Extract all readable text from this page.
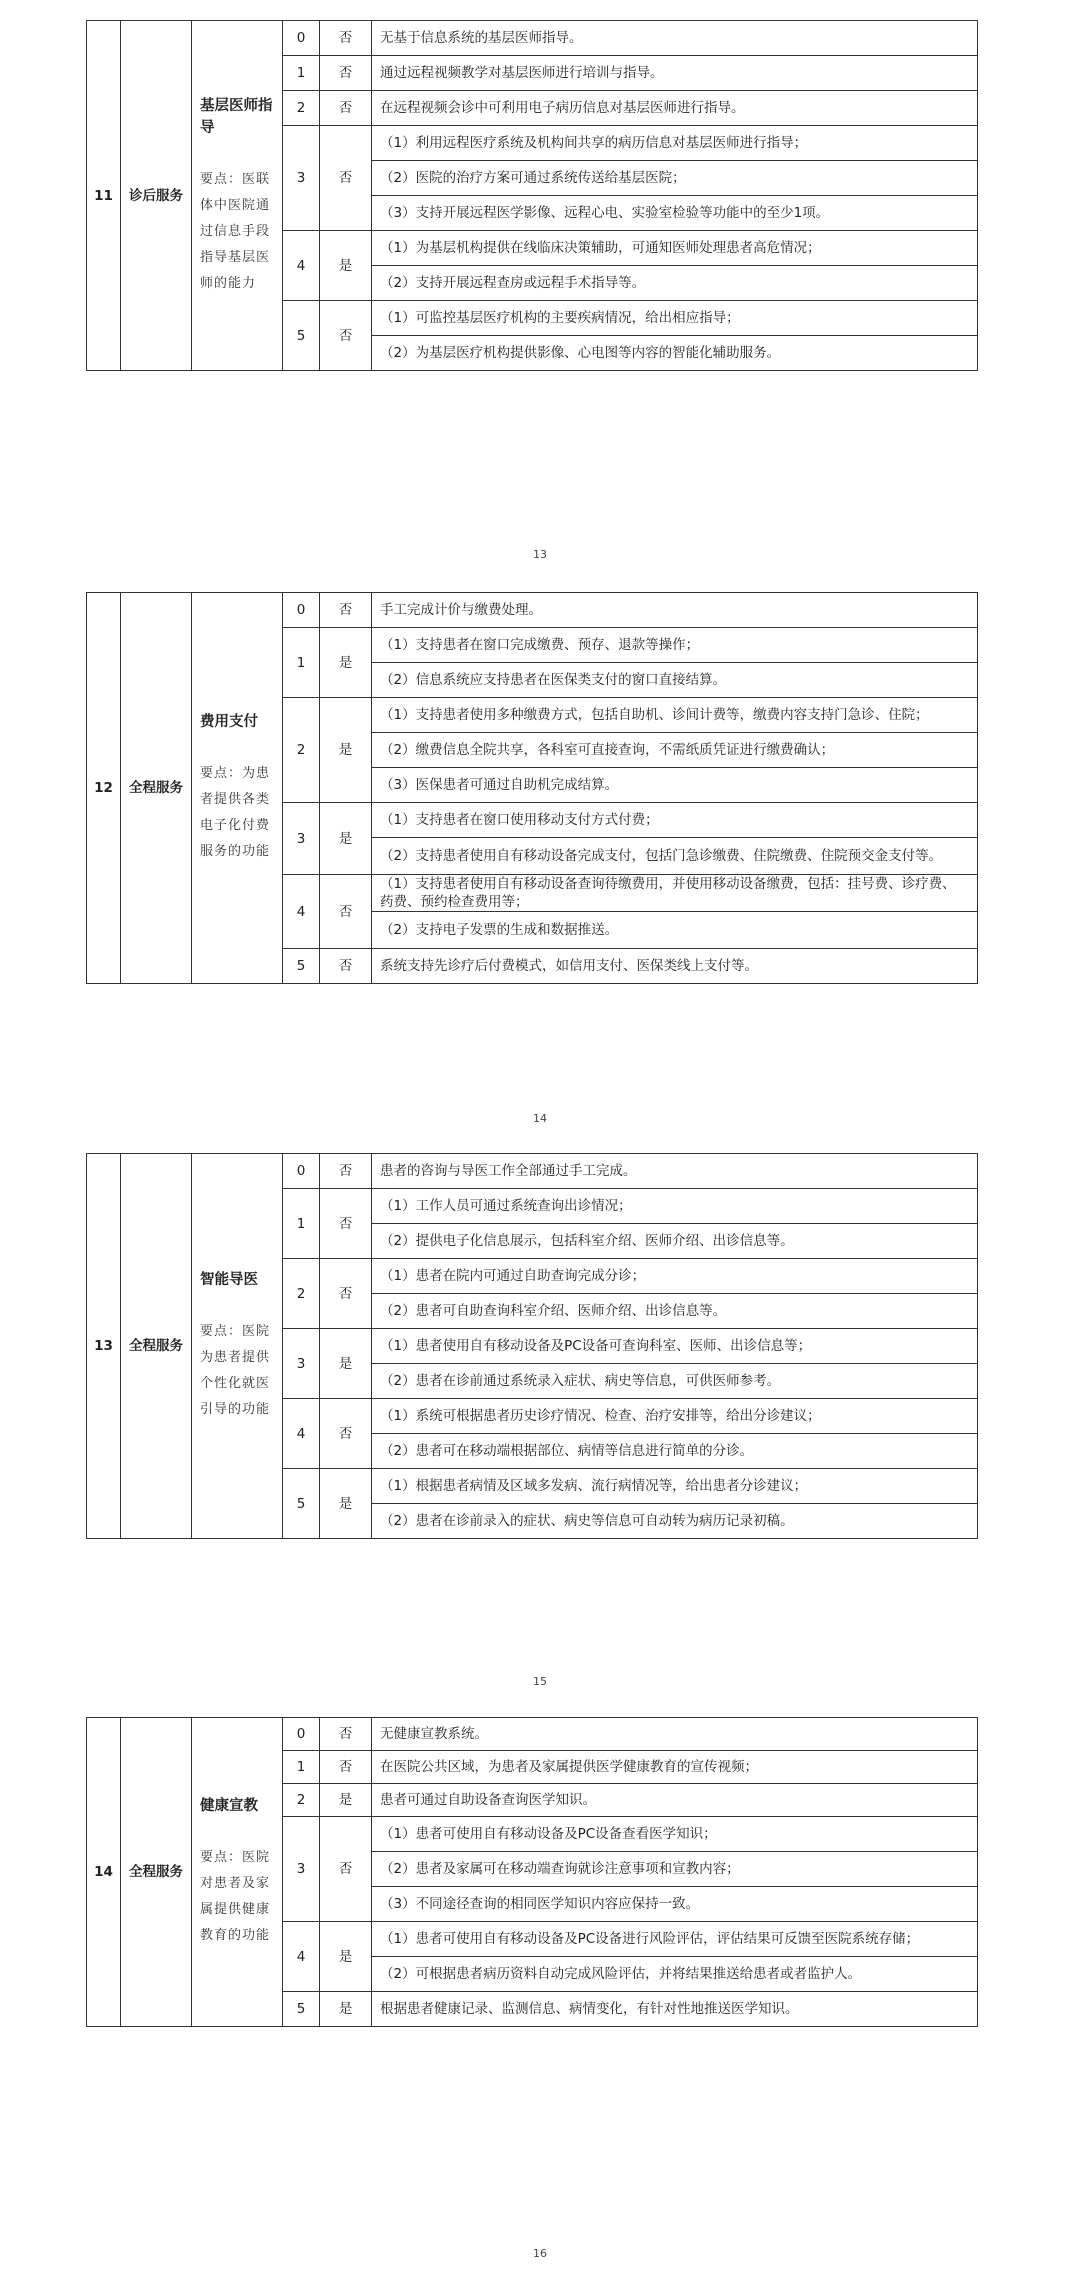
11	诊后服务	基层医师指导
要点：医联体中医院通过信息手段指导基层医师的能力	0	否	无基于信息系统的基层医师指导。
			1	否	通过远程视频教学对基层医师进行培训与指导。
			2	否	在远程视频会诊中可利用电子病历信息对基层医师进行指导。
			3	否	（1）利用远程医疗系统及机构间共享的病历信息对基层医师进行指导；
					（2）医院的治疗方案可通过系统传送给基层医院；
					（3）支持开展远程医学影像、远程心电、实验室检验等功能中的至少1项。
			4	是	（1）为基层机构提供在线临床决策辅助，可通知医师处理患者高危情况；
					（2）支持开展远程查房或远程手术指导等。
			5	否	（1）可监控基层医疗机构的主要疾病情况，给出相应指导；
					（2）为基层医疗机构提供影像、心电图等内容的智能化辅助服务。
13
12	全程服务	费用支付
要点：为患者提供各类电子化付费服务的功能	0	否	手工完成计价与缴费处理。
			1	是	（1）支持患者在窗口完成缴费、预存、退款等操作；
					（2）信息系统应支持患者在医保类支付的窗口直接结算。
			2	是	（1）支持患者使用多种缴费方式，包括自助机、诊间计费等，缴费内容支持门急诊、住院；
					（2）缴费信息全院共享，各科室可直接查询，不需纸质凭证进行缴费确认；
					（3）医保患者可通过自助机完成结算。
			3	是	（1）支持患者在窗口使用移动支付方式付费；
					（2）支持患者使用自有移动设备完成支付，包括门急诊缴费、住院缴费、住院预交金支付等。
			4	否	（1）支持患者使用自有移动设备查询待缴费用，并使用移动设备缴费，包括：挂号费、诊疗费、药费、预约检查费用等；
					（2）支持电子发票的生成和数据推送。
			5	否	系统支持先诊疗后付费模式，如信用支付、医保类线上支付等。
14
13	全程服务	智能导医
要点：医院为患者提供个性化就医引导的功能	0	否	患者的咨询与导医工作全部通过手工完成。
			1	否	（1）工作人员可通过系统查询出诊情况；
					（2）提供电子化信息展示，包括科室介绍、医师介绍、出诊信息等。
			2	否	（1）患者在院内可通过自助查询完成分诊；
					（2）患者可自助查询科室介绍、医师介绍、出诊信息等。
			3	是	（1）患者使用自有移动设备及PC设备可查询科室、医师、出诊信息等；
					（2）患者在诊前通过系统录入症状、病史等信息，可供医师参考。
			4	否	（1）系统可根据患者历史诊疗情况、检查、治疗安排等，给出分诊建议；
					（2）患者可在移动端根据部位、病情等信息进行简单的分诊。
			5	是	（1）根据患者病情及区域多发病、流行病情况等，给出患者分诊建议；
					（2）患者在诊前录入的症状、病史等信息可自动转为病历记录初稿。
15
14	全程服务	健康宣教
要点：医院对患者及家属提供健康教育的功能	0	否	无健康宣教系统。
			1	否	在医院公共区域，为患者及家属提供医学健康教育的宣传视频；
			2	是	患者可通过自助设备查询医学知识。
			3	否	（1）患者可使用自有移动设备及PC设备查看医学知识；
					（2）患者及家属可在移动端查询就诊注意事项和宣教内容；
					（3）不同途径查询的相同医学知识内容应保持一致。
			4	是	（1）患者可使用自有移动设备及PC设备进行风险评估，评估结果可反馈至医院系统存储；
					（2）可根据患者病历资料自动完成风险评估，并将结果推送给患者或者监护人。
			5	是	根据患者健康记录、监测信息、病情变化，有针对性地推送医学知识。
16
